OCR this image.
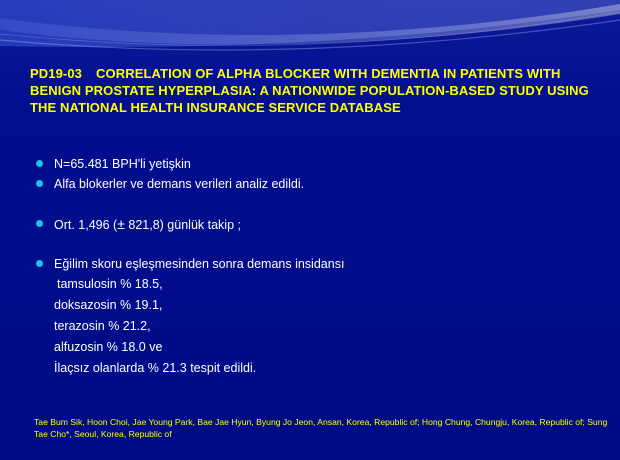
PD19-03 CORRELATION OF ALPHA BLOCKER WITH DEMENTIA IN PATIENTS WITH BENIGN PROSTATE HYPERPLASIA: A NATIONWIDE POPULATION-BASED STUDY USING THE NATIONAL HEALTH INSURANCE SERVICE DATABASE
N=65.481 BPH'li yetişkin
Alfa blokerler ve demans verileri analiz edildi.
Ort. 1,496 (± 821,8) günlük takip ;
Eğilim skoru eşleşmesinden sonra demans insidansı
tamsulosin % 18.5,
doksazosin % 19.1,
terazosin % 21.2,
alfuzosin % 18.0 ve
İlaçsız olanlarda % 21.3 tespit edildi.
Tae Bum Sik, Hoon Choi, Jae Young Park, Bae Jae Hyun, Byung Jo Jeon, Ansan, Korea, Republic of; Hong Chung, Chungju, Korea, Republic of; Sung Tae Cho*, Seoul, Korea, Republic of
